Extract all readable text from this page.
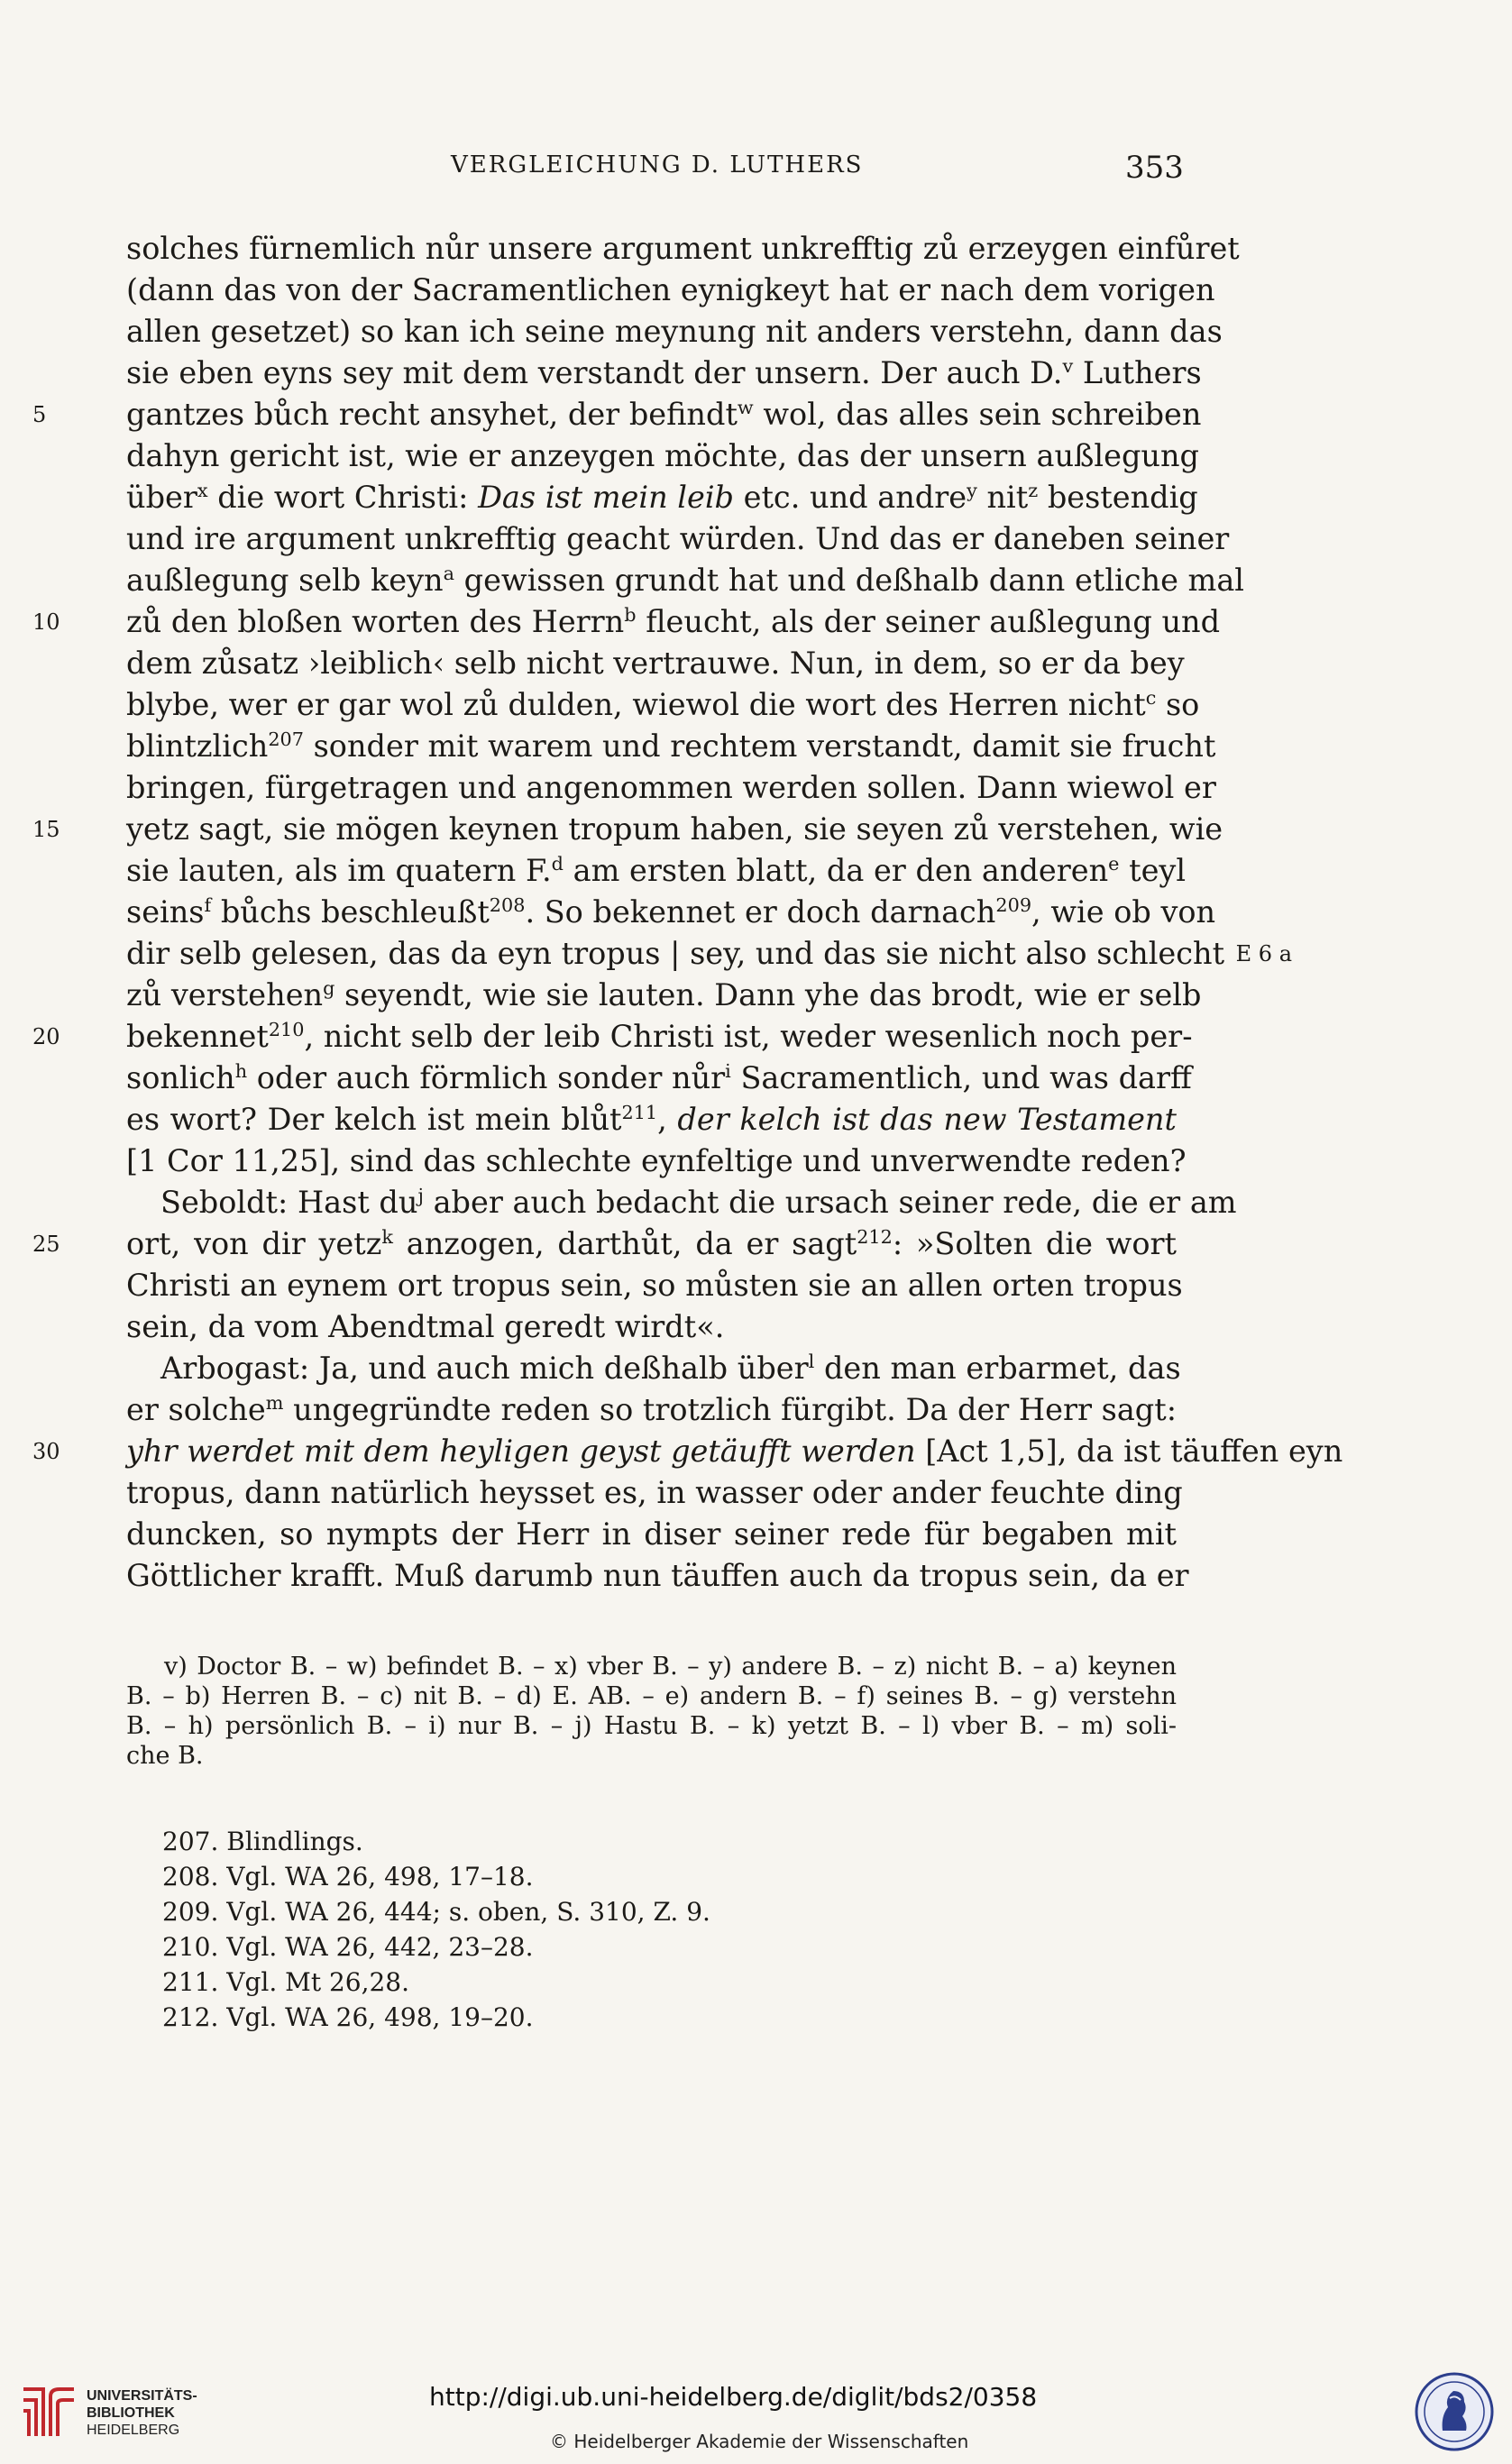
VERGLEICHUNG D. LUTHERS	353
solches fürnemlich nůr unsere argument unkrefftig zů erzeygen einfůret
(dann das von der Sacramentlichen eynigkeyt hat er nach dem vorigen
allen gesetzet) so kan ich seine meynung nit anders verstehn, dann das
sie eben eyns sey mit dem verstandt der unsern. Der auch D.$^v$ Luthers
5	gantzes bůch recht ansyhet, der befindt$^w$ wol, das alles sein schreiben
dahyn gericht ist, wie er anzeygen möchte, das der unsern außlegung
über$^x$ die wort Christi: Das ist mein leib etc. und andre$^y$ nit$^z$ bestendig
und ire argument unkrefftig geacht würden. Und das er daneben seiner
außlegung selb keyn$^a$ gewissen grundt hat und deßhalb dann etliche mal
10 zů den bloßen worten des Herrn$^b$ fleucht, als der seiner außlegung und
dem zůsatz ›leiblich‹ selb nicht vertrauwe. Nun, in dem, so er da bey
blybe, wer er gar wol zů dulden, wiewol die wort des Herren nicht$^c$ so
blintzlich$^{207}$ sonder mit warem und rechtem verstandt, damit sie frucht
bringen, fürgetragen und angenommen werden sollen. Dann wiewol er
15 yetz sagt, sie mögen keynen tropum haben, sie seyen zů verstehen, wie
sie lauten, als im quatern F.$^d$ am ersten blatt, da er den anderen$^e$ teyl
seins$^f$ bůchs beschleußt$^{208}$. So bekennet er doch darnach$^{209}$, wie ob von
dir selb gelesen, das da eyn tropus | sey, und das sie nicht also schlecht E 6 a
zů verstehen$^g$ seyendt, wie sie lauten. Dann yhe das brodt, wie er selb
20 bekennet$^{210}$, nicht selb der leib Christi ist, weder wesenlich noch per-
sonlich$^h$ oder auch förmlich sonder nůr$^i$ Sacramentlich, und was darff
es wort? Der kelch ist mein blůt$^{211}$, der kelch ist das new Testament
[1 Cor 11,25], sind das schlechte eynfeltige und unverwendte reden?
Seboldt: Hast $du^j$ aber auch bedacht die ursach seiner rede, die er am
25 ort, von dir yetz$^k$ anzogen, darthůt, da er sagt$^{212}$: »Solten die wort
Christi an eynem ort tropus sein, so můsten sie an allen orten tropus
sein, da vom Abendtmal geredt wirdt«.
Arbogast: Ja, und auch mich deßhalb über$^l$ den man erbarmet, das
er solche$^m$ ungegründte reden so trotzlich fürgibt. Da der Herr sagt:
30 yhr werdet mit dem heyligen geyst getäufft werden [Act 1,5], da ist täuffen eyn
tropus, dann natürlich heysset es, in wasser oder ander feuchte ding
duncken, so nympts der Herr in diser seiner rede für begaben mit
Göttlicher krafft. Muß darumb nun täuffen auch da tropus sein, da er
v) Doctor B. – w) befindet B. – x) vber B. – y) andere B. – z) nicht B. – a) keynen
B. – b) Herren B. – c) nit B. – d) E. AB. – e) andern B. – f) seines B. – g) verstehn
B. – h) persönlich B. – i) nur B. – j) Hastu B. – k) yetzt B. – l) vber B. – m) soli-
che B.
207. Blindlings.
208. Vgl. WA 26, 498, 17–18.
209. Vgl. WA 26, 444; s. oben, S. 310, Z. 9.
210. Vgl. WA 26, 442, 23–28.
211. Vgl. Mt 26,28.
212. Vgl. WA 26, 498, 19–20.
UNIVERSITÄTS-
BIBLIOTHEK
HEIDELBERG
http://digi.ub.uni-heidelberg.de/diglit/bds2/0358
© Heidelberger Akademie der Wissenschaften
